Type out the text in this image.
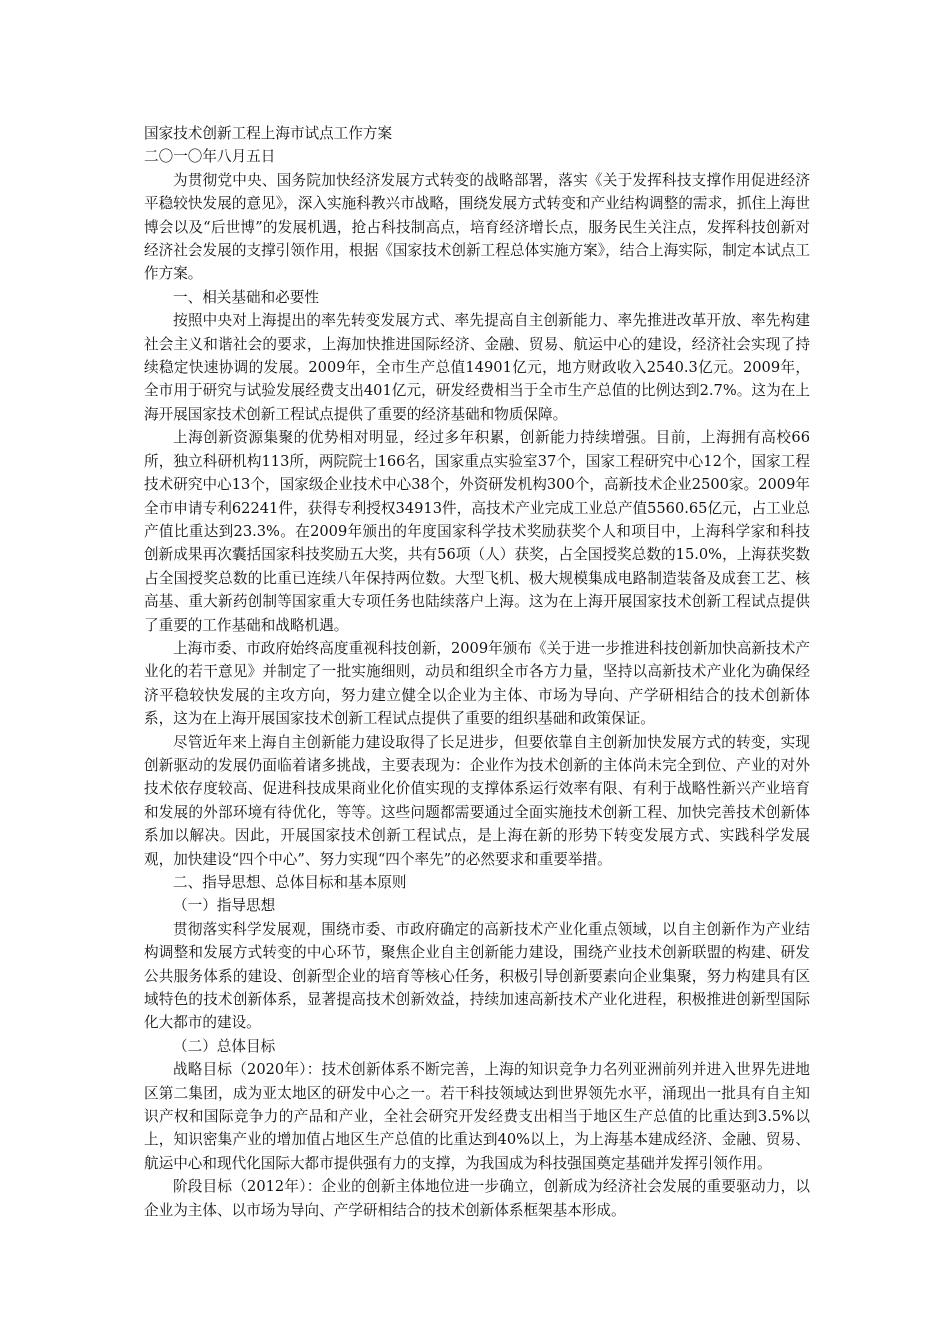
国家技术创新工程上海市试点工作方案

二〇一〇年八月五日

为贯彻党中央、国务院加快经济发展方式转变的战略部署，落实《关于发挥科技支撑作用促进经济平稳较快发展的意见》，深入实施科教兴市战略，围绕发展方式转变和产业结构调整的需求，抓住上海世博会以及“后世博”的发展机遇，抢占科技制高点，培育经济增长点，服务民生关注点，发挥科技创新对经济社会发展的支撑引领作用，根据《国家技术创新工程总体实施方案》，结合上海实际，制定本试点工作方案。

一、相关基础和必要性

按照中央对上海提出的率先转变发展方式、率先提高自主创新能力、率先推进改革开放、率先构建社会主义和谐社会的要求，上海加快推进国际经济、金融、贸易、航运中心的建设，经济社会实现了持续稳定快速协调的发展。2009年，全市生产总值14901亿元，地方财政收入2540.3亿元。2009年，全市用于研究与试验发展经费支出401亿元，研发经费相当于全市生产总值的比例达到2.7%。这为在上海开展国家技术创新工程试点提供了重要的经济基础和物质保障。

上海创新资源集聚的优势相对明显，经过多年积累，创新能力持续增强。目前，上海拥有高校66所，独立科研机构113所，两院院士166名，国家重点实验室37个，国家工程研究中心12个，国家工程技术研究中心13个，国家级企业技术中心38个，外资研发机构300个，高新技术企业2500家。2009年全市申请专利62241件，获得专利授权34913件，高技术产业完成工业总产值5560.65亿元，占工业总产值比重达到23.3%。在2009年颁出的年度国家科学技术奖励获奖个人和项目中，上海科学家和科技创新成果再次囊括国家科技奖励五大奖，共有56项（人）获奖，占全国授奖总数的15.0%，上海获奖数占全国授奖总数的比重已连续八年保持两位数。大型飞机、极大规模集成电路制造装备及成套工艺、核高基、重大新药创制等国家重大专项任务也陆续落户上海。这为在上海开展国家技术创新工程试点提供了重要的工作基础和战略机遇。

上海市委、市政府始终高度重视科技创新，2009年颁布《关于进一步推进科技创新加快高新技术产业化的若干意见》并制定了一批实施细则，动员和组织全市各方力量，坚持以高新技术产业化为确保经济平稳较快发展的主攻方向，努力建立健全以企业为主体、市场为导向、产学研相结合的技术创新体系，这为在上海开展国家技术创新工程试点提供了重要的组织基础和政策保证。

尽管近年来上海自主创新能力建设取得了长足进步，但要依靠自主创新加快发展方式的转变，实现创新驱动的发展仍面临着诸多挑战，主要表现为：企业作为技术创新的主体尚未完全到位、产业的对外技术依存度较高、促进科技成果商业化价值实现的支撑体系运行效率有限、有利于战略性新兴产业培育和发展的外部环境有待优化，等等。这些问题都需要通过全面实施技术创新工程、加快完善技术创新体系加以解决。因此，开展国家技术创新工程试点，是上海在新的形势下转变发展方式、实践科学发展观，加快建设“四个中心”、努力实现“四个率先”的必然要求和重要举措。

二、指导思想、总体目标和基本原则

（一）指导思想

贯彻落实科学发展观，围绕市委、市政府确定的高新技术产业化重点领域，以自主创新作为产业结构调整和发展方式转变的中心环节，聚焦企业自主创新能力建设，围绕产业技术创新联盟的构建、研发公共服务体系的建设、创新型企业的培育等核心任务，积极引导创新要素向企业集聚，努力构建具有区域特色的技术创新体系，显著提高技术创新效益，持续加速高新技术产业化进程，积极推进创新型国际化大都市的建设。

（二）总体目标

战略目标（2020年）：技术创新体系不断完善，上海的知识竞争力名列亚洲前列并进入世界先进地区第二集团，成为亚太地区的研发中心之一。若干科技领域达到世界领先水平，涌现出一批具有自主知识产权和国际竞争力的产品和产业，全社会研究开发经费支出相当于地区生产总值的比重达到3.5%以上，知识密集产业的增加值占地区生产总值的比重达到40%以上，为上海基本建成经济、金融、贸易、航运中心和现代化国际大都市提供强有力的支撑，为我国成为科技强国奠定基础并发挥引领作用。

阶段目标（2012年）：企业的创新主体地位进一步确立，创新成为经济社会发展的重要驱动力，以企业为主体、以市场为导向、产学研相结合的技术创新体系框架基本形成。
